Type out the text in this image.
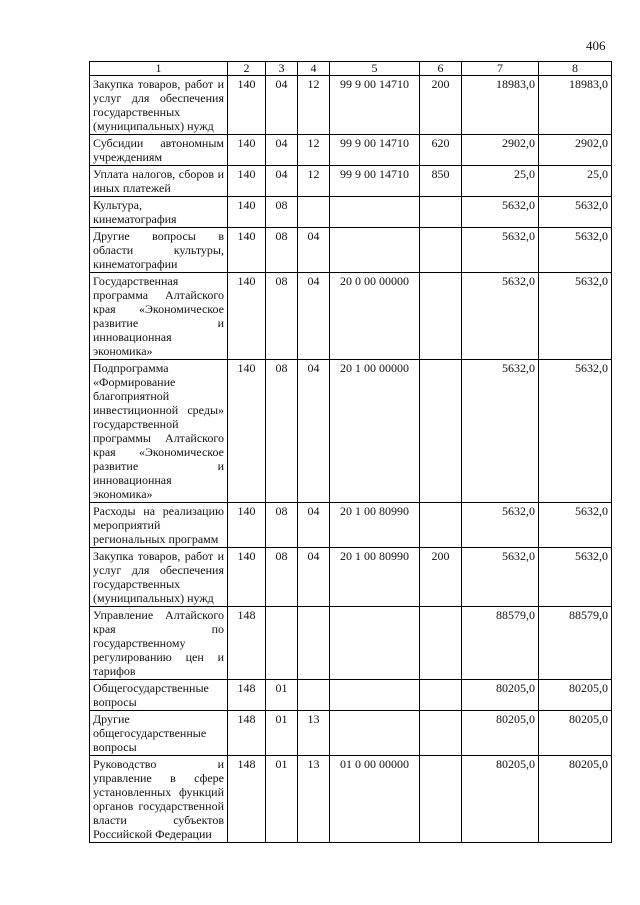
406
1	2	3	4	5	6	7	8
Закупка товаров, работ и услуг для обеспечения государственных (муниципальных) нужд	140	04	12	99 9 00 14710	200	18983,0	18983,0
Субсидии автономным учреждениям	140	04	12	99 9 00 14710	620	2902,0	2902,0
Уплата налогов, сборов и иных платежей	140	04	12	99 9 00 14710	850	25,0	25,0
Культура, кинематография	140	08				5632,0	5632,0
Другие вопросы в области культуры, кинематографии	140	08	04			5632,0	5632,0
Государственная программа Алтайского края «Экономическое развитие и инновационная экономика»	140	08	04	20 0 00 00000		5632,0	5632,0
Подпрограмма «Формирование благоприятной инвестиционной среды» государственной программы Алтайского края «Экономическое развитие и инновационная экономика»	140	08	04	20 1 00 00000		5632,0	5632,0
Расходы на реализацию мероприятий региональных программ	140	08	04	20 1 00 80990		5632,0	5632,0
Закупка товаров, работ и услуг для обеспечения государственных (муниципальных) нужд	140	08	04	20 1 00 80990	200	5632,0	5632,0
Управление Алтайского края по государственному регулированию цен и тарифов	148					88579,0	88579,0
Общегосударственные вопросы	148	01				80205,0	80205,0
Другие общегосударственные вопросы	148	01	13			80205,0	80205,0
Руководство и управление в сфере установленных функций органов государственной власти субъектов Российской Федерации	148	01	13	01 0 00 00000		80205,0	80205,0
